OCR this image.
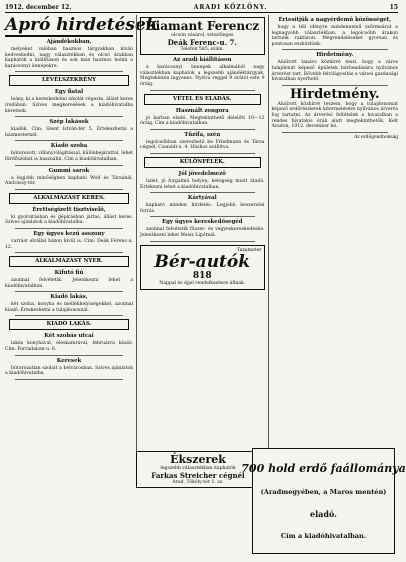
1912. december 12.	ARADI KÖZLÖNY.	15
Apró hirdetések
Ajándékokban,
melyeket valóban hasznos tárgyakban kíván kedveskedni, nagy választékban és olcsó árakban kaphatók a kiállításon és sok más hasznos holmi a karácsonyi ünnepekre.
LEVÉLSZEKRÉNY
Egy fiatal
leány, ki a kereskedelmi iskolát végezte, állást keres irodában. Szíves megkeresések a kiadóhivatalba kéretnek.
Szép lakások
kiadók. Cím: Szent István-tér 5. Értekezhetni a házmesternél.
Kiadó szoba
bútorozott, villanyvilágítással, különbejárattal, lehet fürdőszobát is használni. Cím a kiadóhivatalban.
Gummi sarok
a legjobb minőségben kapható Wolf és Társánál, Andrássy-tér.
ALKALMAZÁST KERES.
Érettségizett tisztviselő,
ki gyorsírásban és gépírásban jártas, állást keres. Szíves ajánlatok a kiadóhivatalba.
Egy ügyes kezű asszony
varrást elvállal házon kívül is. Cím: Deák Ferenc-u. 12.
ALKALMAZÁST NYER.
Kifutó fiú
azonnal felvétetik. Jelentkezni lehet a kiadóhivatalban.
Kiadó lakás,
két szoba, konyha és mellékhelyiségekkel, azonnal kiadó. Értekezhetni a tulajdonosnál.
KIADÓ LAKÁS.
Két szobás utcai
lakás konyhával, éléskamrával, februárra kiadó. Cím: Forradalom-u. 6.
Keresek
bútorozatlan szobát a belvárosban. Szíves ajánlatok a kiadóhivatalba.
Diamant Ferencz
olcsón vásárol, tetszőleges
Deák Ferenc-u. 7.
Telefon 585. szám.
Az aradi kiállításon
a karácsonyi ünnepek alkalmából nagy választékban kaphatók a legszebb ajándéktárgyak. Megtekintés ingyenes. Nyitva reggel 9 órától este 9 óráig.
VÉTEL ÉS ELADÁS.
Használt zongora
jó karban eladó. Megtekinthető délelőtt 10—12 óráig. Cím a kiadóhivatalban.
Tűzifa, szén
legolcsóbban szerezhető be Friedmann és Társa cégnél, Csanádi-u. 4. Házhoz szállítva.
KÜLÖNFÉLÉK.
Jól jövedelmező
üzlet, jó forgalmú helyen, betegség miatt átadó. Értekezni lehet a kiadóhivatalban.
Kártyával
kapható minden hirdetés. Legjobb beszerzési forrás.
Egy ügyes kereskedősegéd
azonnal felvétetik fűszer- és vegyeskereskedésbe. Jelentkezni lehet Weisz Lipótnál.
Taxameter
Bér-autók
818
Nappal és éjjel rendelkezésre állnak.
Értesítjük a nagyérdemű közönséget,
hogy a téli idényre mindennemű szőrmeárut a legnagyobb választékban, a legolcsóbb árakon tartunk raktáron. Megrendeléseket gyorsan és pontosan eszközlünk.
Hirdetmény.
Alulírott tanács közhírré teszi, hogy a város tulajdonát képező épületek bérbeadására nyilvános árverést tart. Bővebb felvilágosítás a városi gazdasági hivatalban nyerhető.
Hirdetmény.
Alulírott közhírré teszem, hogy a tulajdonomat képező erdőrészletek kitermelésére nyilvános árverés fog tartatni. Az árverési feltételek a hivatalban a rendes hivatalos órák alatt megtekinthetők. Kelt Aradon, 1912. december hó.
Az erdőgondnokság
Ékszerek
legszebb választékban kaphatók
Farkas Streicher cégnél
Arad, Tököly-tér 1. sz.
700 hold erdő faállománya
(Aradmegyében, a Maros mentén)
eladó.
Cím a kiadóhivatalban.
